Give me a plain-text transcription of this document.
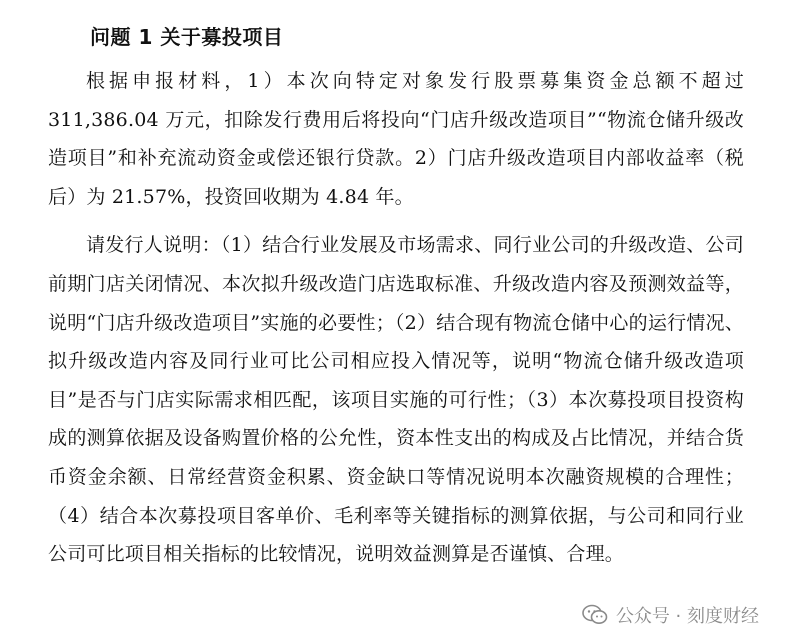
问题 1 关于募投项目

根据申报材料，1）本次向特定对象发行股票募集资金总额不超过311,386.04 万元，扣除发行费用后将投向“门店升级改造项目”“物流仓储升级改造项目”和补充流动资金或偿还银行贷款。2）门店升级改造项目内部收益率（税后）为 21.57%，投资回收期为 4.84 年。

请发行人说明：（1）结合行业发展及市场需求、同行业公司的升级改造、公司前期门店关闭情况、本次拟升级改造门店选取标准、升级改造内容及预测效益等，说明“门店升级改造项目”实施的必要性；（2）结合现有物流仓储中心的运行情况、拟升级改造内容及同行业可比公司相应投入情况等，说明“物流仓储升级改造项目”是否与门店实际需求相匹配，该项目实施的可行性；（3）本次募投项目投资构成的测算依据及设备购置价格的公允性，资本性支出的构成及占比情况，并结合货币资金余额、日常经营资金积累、资金缺口等情况说明本次融资规模的合理性；（4）结合本次募投项目客单价、毛利率等关键指标的测算依据，与公司和同行业公司可比项目相关指标的比较情况，说明效益测算是否谨慎、合理。

公众号 · 刻度财经
